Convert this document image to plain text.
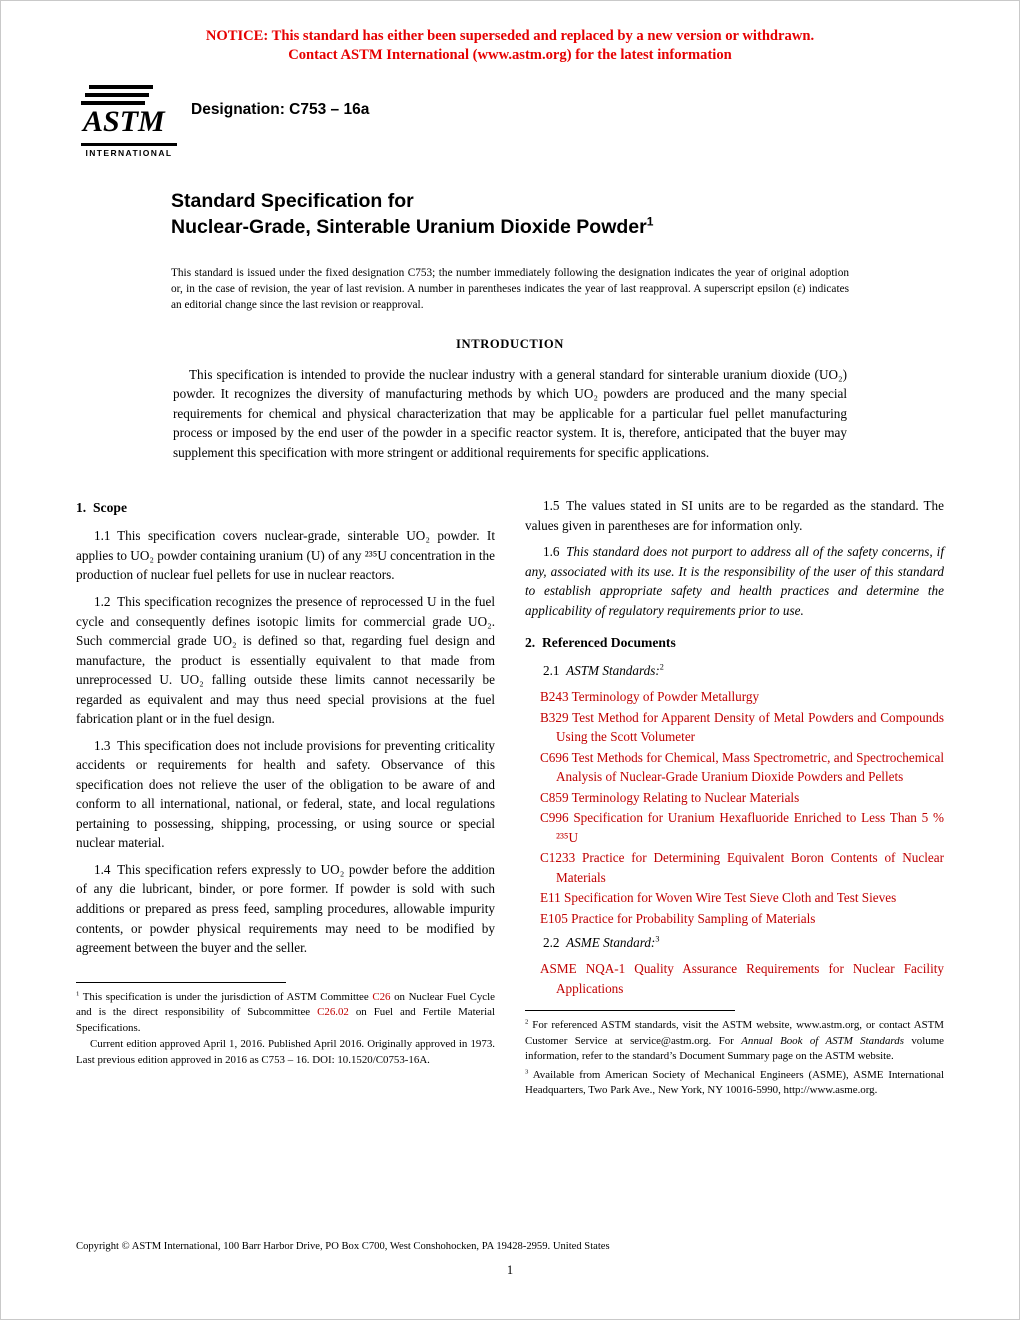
NOTICE: This standard has either been superseded and replaced by a new version or withdrawn.
Contact ASTM International (www.astm.org) for the latest information
ASTM
INTERNATIONAL
Designation: C753 – 16a
Standard Specification for
Nuclear-Grade, Sinterable Uranium Dioxide Powder$^1$
This standard is issued under the fixed designation C753; the number immediately following the designation indicates the year of original adoption or, in the case of revision, the year of last revision. A number in parentheses indicates the year of last reapproval. A superscript epsilon (ε) indicates an editorial change since the last revision or reapproval.
INTRODUCTION
This specification is intended to provide the nuclear industry with a general standard for sinterable uranium dioxide (UO₂) powder. It recognizes the diversity of manufacturing methods by which UO₂ powders are produced and the many special requirements for chemical and physical characterization that may be applicable for a particular fuel pellet manufacturing process or imposed by the end user of the powder in a specific reactor system. It is, therefore, anticipated that the buyer may supplement this specification with more stringent or additional requirements for specific applications.
1. Scope

1.1 This specification covers nuclear-grade, sinterable UO₂ powder. It applies to UO₂ powder containing uranium (U) of any ²³⁵U concentration in the production of nuclear fuel pellets for use in nuclear reactors.

1.2 This specification recognizes the presence of reprocessed U in the fuel cycle and consequently defines isotopic limits for commercial grade UO₂. Such commercial grade UO₂ is defined so that, regarding fuel design and manufacture, the product is essentially equivalent to that made from unreprocessed U. UO₂ falling outside these limits cannot necessarily be regarded as equivalent and may thus need special provisions at the fuel fabrication plant or in the fuel design.

1.3 This specification does not include provisions for preventing criticality accidents or requirements for health and safety. Observance of this specification does not relieve the user of the obligation to be aware of and conform to all international, national, or federal, state, and local regulations pertaining to possessing, shipping, processing, or using source or special nuclear material.

1.4 This specification refers expressly to UO₂ powder before the addition of any die lubricant, binder, or pore former. If powder is sold with such additions or prepared as press feed, sampling procedures, allowable impurity contents, or powder physical requirements may need to be modified by agreement between the buyer and the seller.

$^1$ This specification is under the jurisdiction of ASTM Committee C26 on Nuclear Fuel Cycle and is the direct responsibility of Subcommittee C26.02 on Fuel and Fertile Material Specifications.
Current edition approved April 1, 2016. Published April 2016. Originally approved in 1973. Last previous edition approved in 2016 as C753 – 16. DOI: 10.1520/C0753-16A.

1.5 The values stated in SI units are to be regarded as the standard. The values given in parentheses are for information only.

1.6 This standard does not purport to address all of the safety concerns, if any, associated with its use. It is the responsibility of the user of this standard to establish appropriate safety and health practices and determine the applicability of regulatory requirements prior to use.

2. Referenced Documents

2.1 ASTM Standards:$^2$

B243 Terminology of Powder Metallurgy
B329 Test Method for Apparent Density of Metal Powders and Compounds Using the Scott Volumeter
C696 Test Methods for Chemical, Mass Spectrometric, and Spectrochemical Analysis of Nuclear-Grade Uranium Dioxide Powders and Pellets
C859 Terminology Relating to Nuclear Materials
C996 Specification for Uranium Hexafluoride Enriched to Less Than 5 % ²³⁵U
C1233 Practice for Determining Equivalent Boron Contents of Nuclear Materials
E11 Specification for Woven Wire Test Sieve Cloth and Test Sieves
E105 Practice for Probability Sampling of Materials

2.2 ASME Standard:$^3$

ASME NQA-1 Quality Assurance Requirements for Nuclear Facility Applications
$^2$ For referenced ASTM standards, visit the ASTM website, www.astm.org, or contact ASTM Customer Service at service@astm.org. For Annual Book of ASTM Standards volume information, refer to the standard’s Document Summary page on the ASTM website.
$^3$ Available from American Society of Mechanical Engineers (ASME), ASME International Headquarters, Two Park Ave., New York, NY 10016-5990, http://www.asme.org.
Copyright © ASTM International, 100 Barr Harbor Drive, PO Box C700, West Conshohocken, PA 19428-2959. United States
1
